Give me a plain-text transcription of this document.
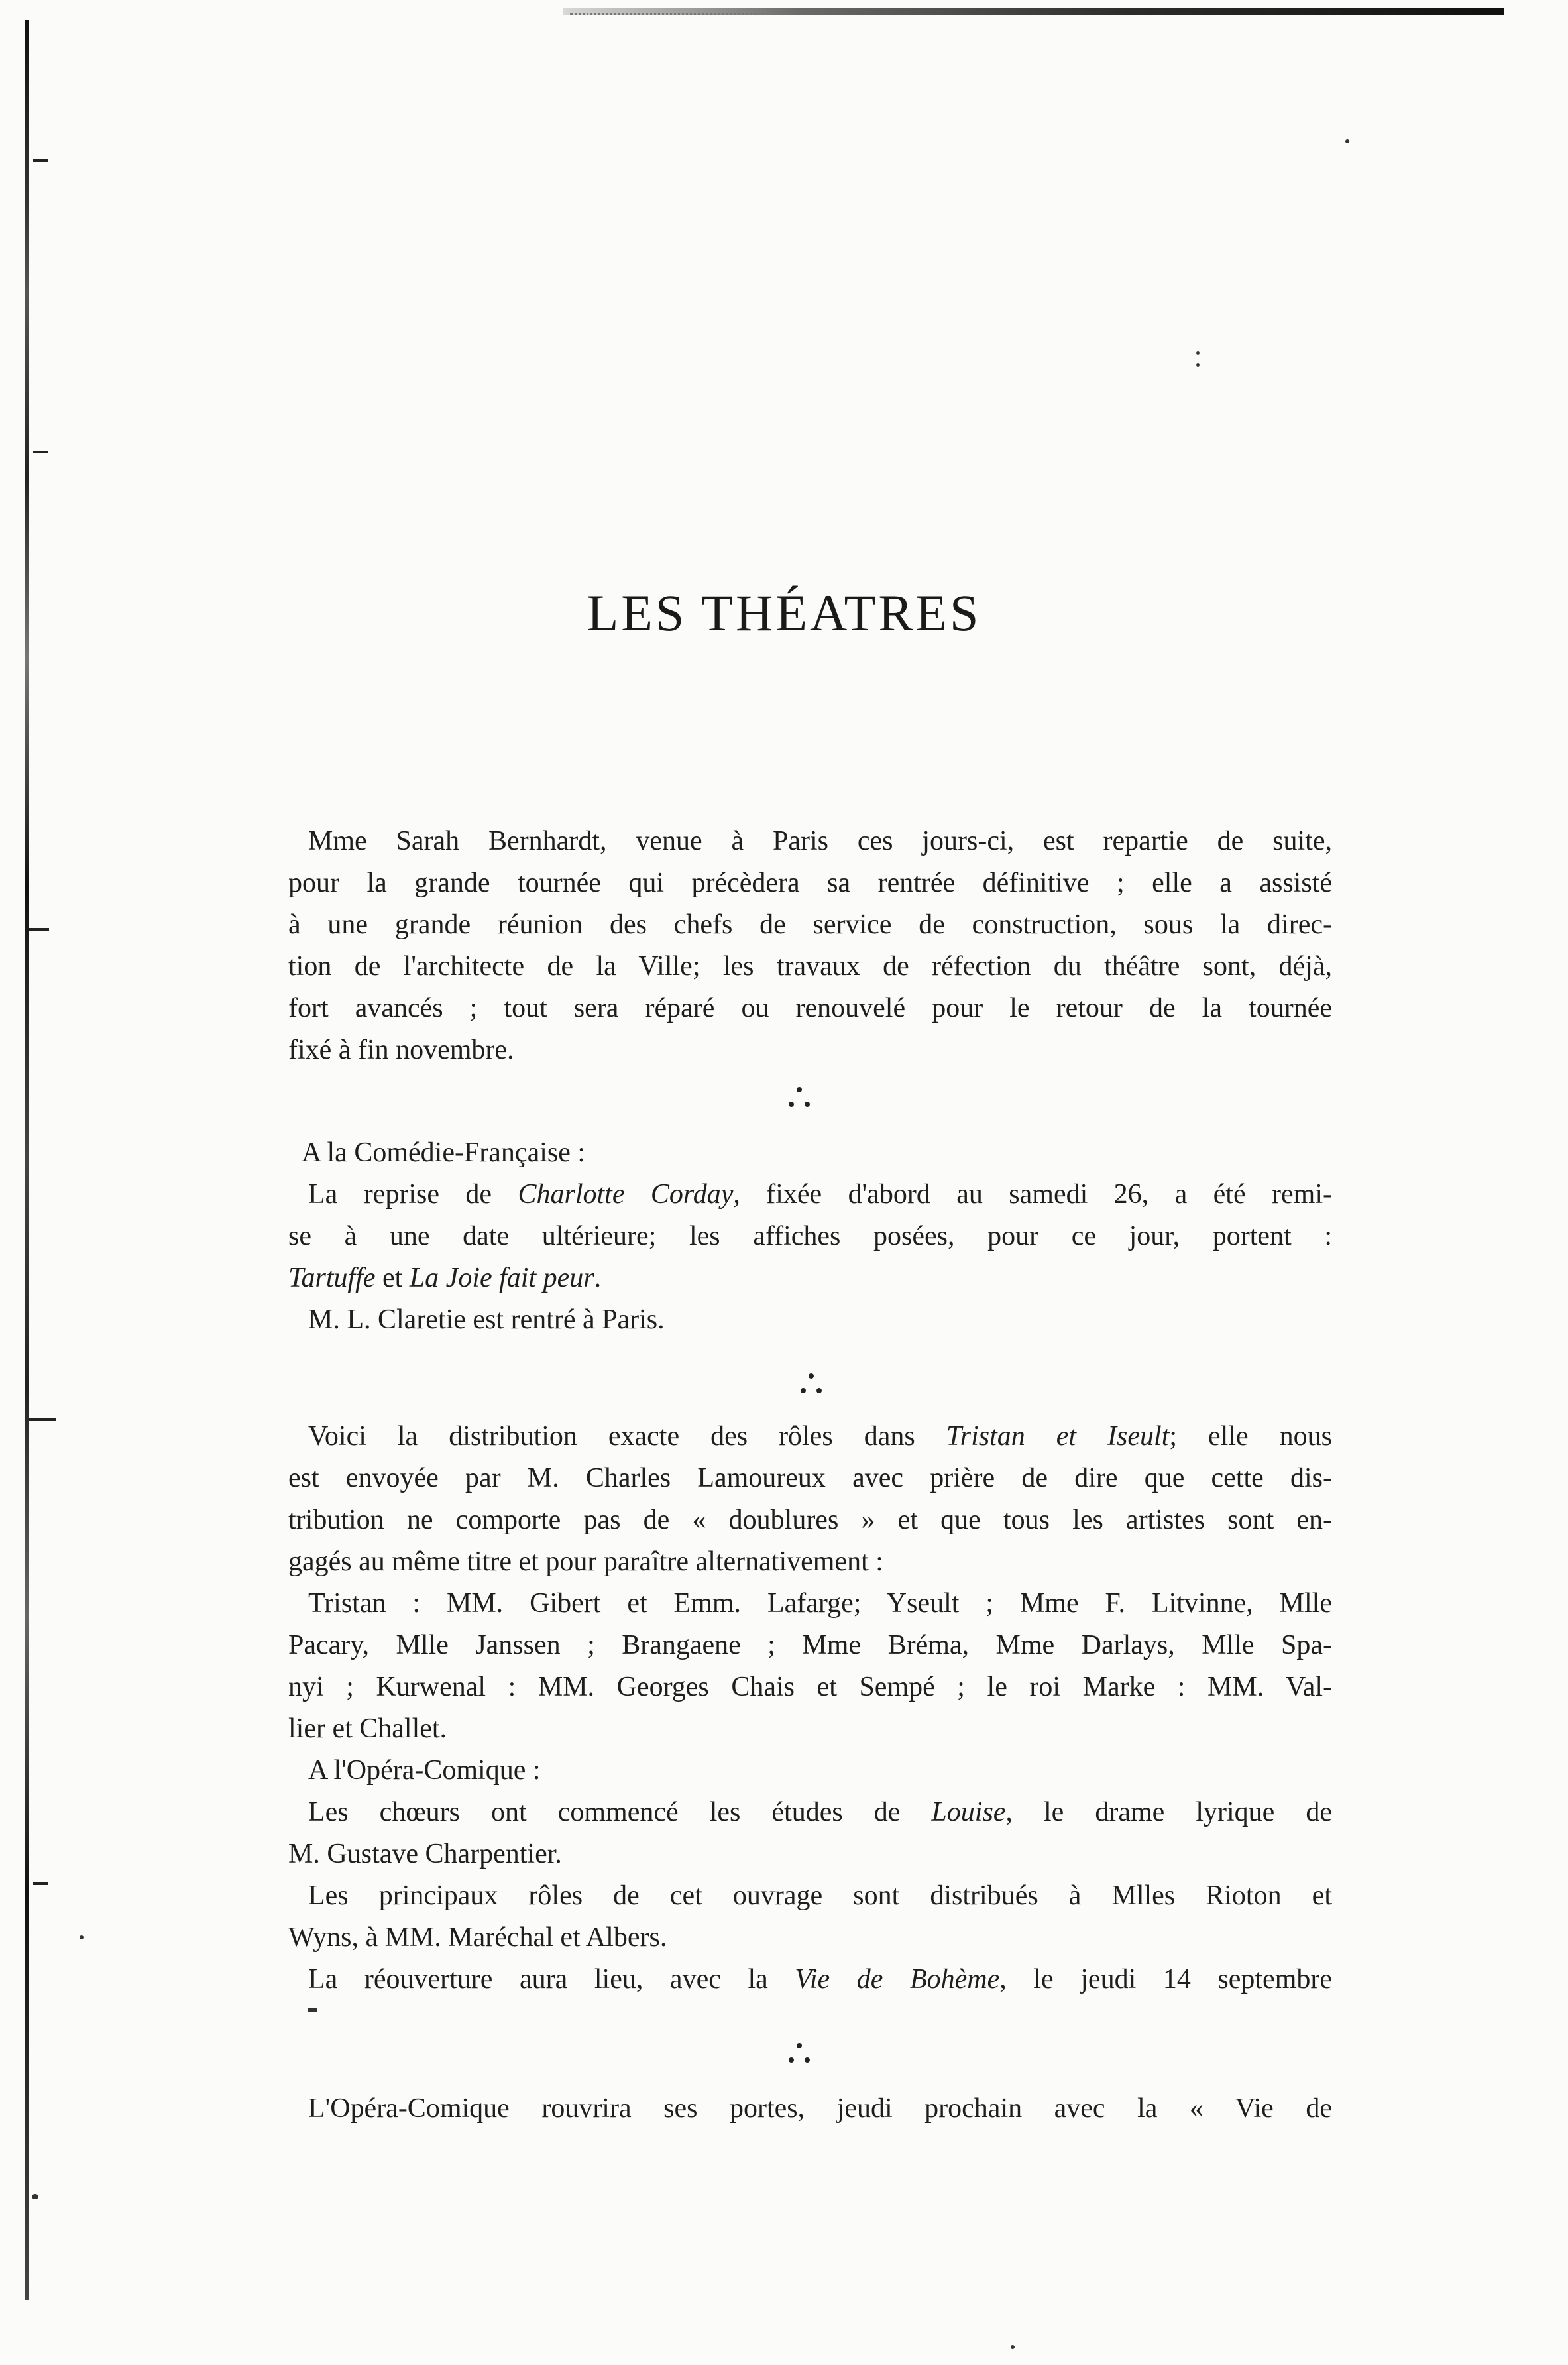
LES THÉATRES
Mme Sarah Bernhardt, venue à Paris ces jours-ci, est repartie de suite,
pour la grande tournée qui précèdera sa rentrée définitive ; elle a assisté
à une grande réunion des chefs de service de construction, sous la direc-
tion de l'architecte de la Ville; les travaux de réfection du théâtre sont, déjà,
fort avancés ; tout sera réparé ou renouvelé pour le retour de la tournée
fixé à fin novembre.
A la Comédie-Française :
La reprise de Charlotte Corday, fixée d'abord au samedi 26, a été remi-
se à une date ultérieure; les affiches posées, pour ce jour, portent :
Tartuffe et La Joie fait peur.
M. L. Claretie est rentré à Paris.
Voici la distribution exacte des rôles dans Tristan et Iseult; elle nous
est envoyée par M. Charles Lamoureux avec prière de dire que cette dis-
tribution ne comporte pas de « doublures » et que tous les artistes sont en-
gagés au même titre et pour paraître alternativement :
Tristan : MM. Gibert et Emm. Lafarge; Yseult ; Mme F. Litvinne, Mlle
Pacary, Mlle Janssen ; Brangaene ; Mme Bréma, Mme Darlays, Mlle Spa-
nyi ; Kurwenal : MM. Georges Chais et Sempé ; le roi Marke : MM. Val-
lier et Challet.
A l'Opéra-Comique :
Les chœurs ont commencé les études de Louise, le drame lyrique de
M. Gustave Charpentier.
Les principaux rôles de cet ouvrage sont distribués à Mlles Rioton et
Wyns, à MM. Maréchal et Albers.
La réouverture aura lieu, avec la Vie de Bohème, le jeudi 14 septembre
L'Opéra-Comique rouvrira ses portes, jeudi prochain avec la « Vie de
